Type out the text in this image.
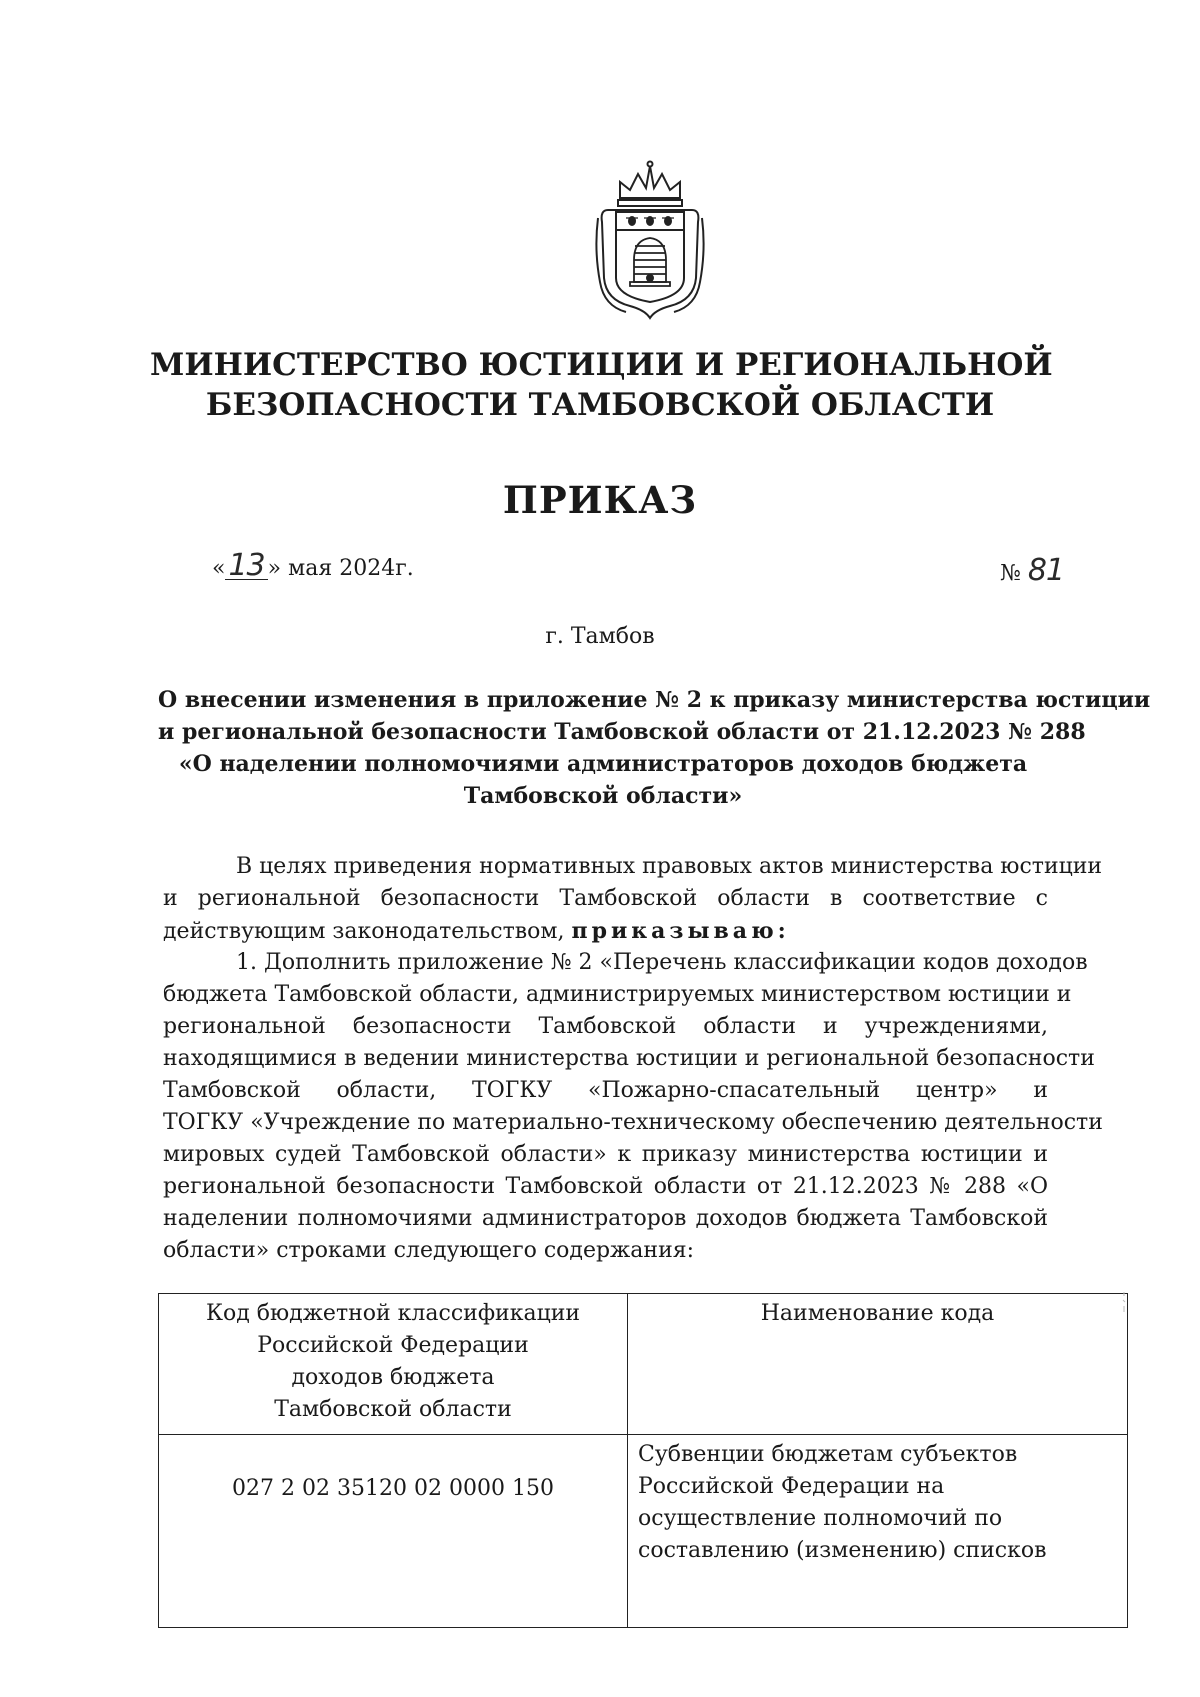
МИНИСТЕРСТВО ЮСТИЦИИ И РЕГИОНАЛЬНОЙ
БЕЗОПАСНОСТИ ТАМБОВСКОЙ ОБЛАСТИ
ПРИКАЗ
« 13 » мая 2024г.	№ 81
г. Тамбов
О внесении изменения в приложение № 2 к приказу министерства юстиции
и региональной безопасности Тамбовской области от 21.12.2023 № 288
«О наделении полномочиями администраторов доходов бюджета
Тамбовской области»
В целях приведения нормативных правовых актов министерства юстиции
и региональной безопасности Тамбовской области в соответствие с
действующим законодательством, приказываю:
1. Дополнить приложение № 2 «Перечень классификации кодов доходов
бюджета Тамбовской области, администрируемых министерством юстиции и
региональной безопасности Тамбовской области и учреждениями,
находящимися в ведении министерства юстиции и региональной безопасности
Тамбовской области, ТОГКУ «Пожарно-спасательный центр» и
ТОГКУ «Учреждение по материально-техническому обеспечению деятельности
мировых судей Тамбовской области» к приказу министерства юстиции и
региональной безопасности Тамбовской области от 21.12.2023 № 288 «О
наделении полномочиями администраторов доходов бюджета Тамбовской
области» строками следующего содержания:
Код бюджетной классификации
Российской Федерации
доходов бюджета
Тамбовской области	Наименование кода

027 2 02 35120 02 0000 150	Субвенции бюджетам субъектов
Российской Федерации на
осуществление полномочий по
составлению (изменению) списков
